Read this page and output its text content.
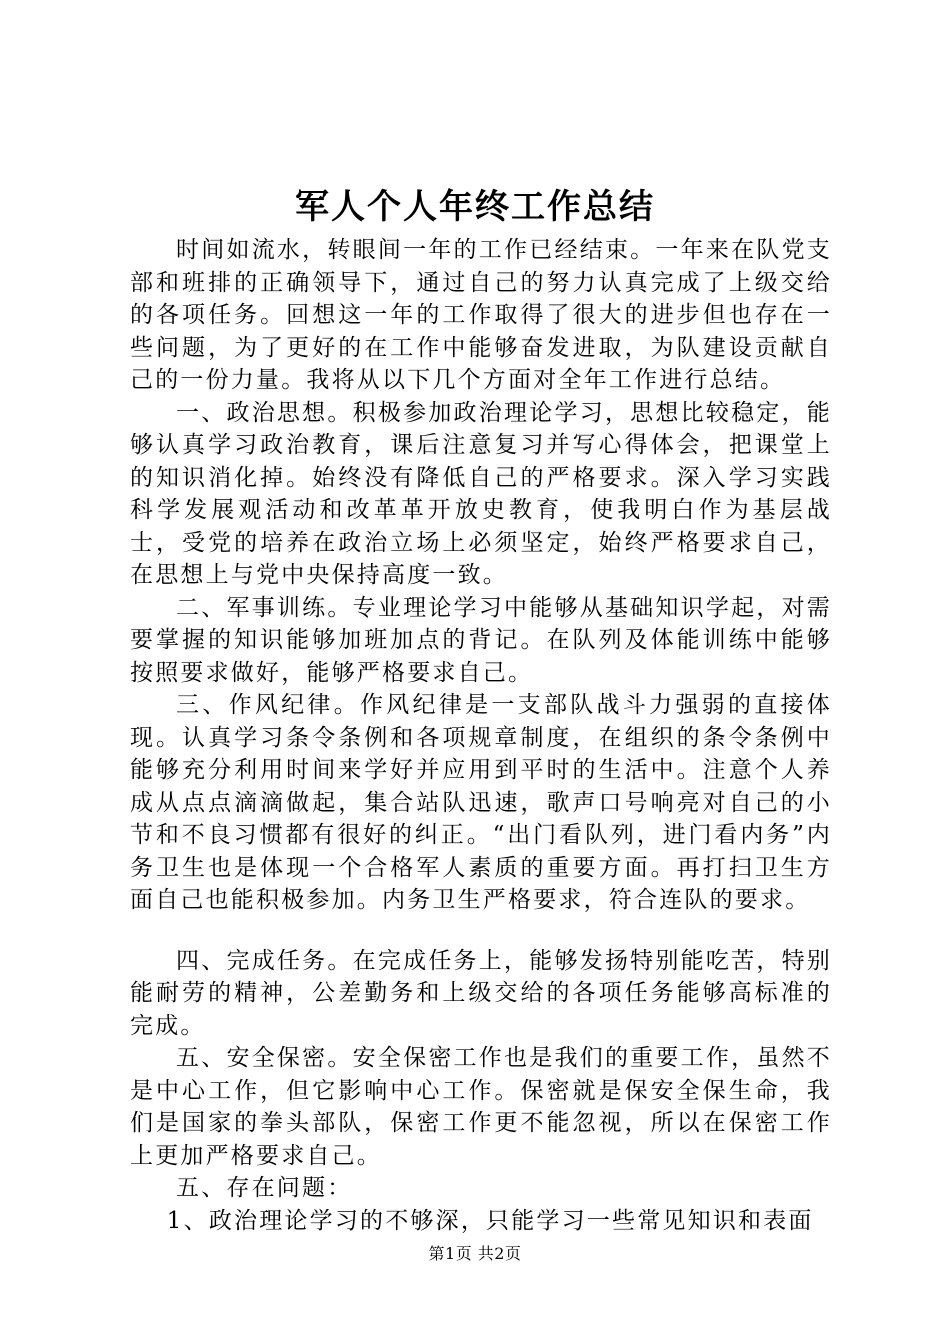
军人个人年终工作总结

时间如流水，转眼间一年的工作已经结束。一年来在队党支部和班排的正确领导下，通过自己的努力认真完成了上级交给的各项任务。回想这一年的工作取得了很大的进步但也存在一些问题，为了更好的在工作中能够奋发进取，为队建设贡献自己的一份力量。我将从以下几个方面对全年工作进行总结。

一、政治思想。积极参加政治理论学习，思想比较稳定，能够认真学习政治教育，课后注意复习并写心得体会，把课堂上的知识消化掉。始终没有降低自己的严格要求。深入学习实践科学发展观活动和改革革开放史教育，使我明白作为基层战士，受党的培养在政治立场上必须坚定，始终严格要求自己，在思想上与党中央保持高度一致。

二、军事训练。专业理论学习中能够从基础知识学起，对需要掌握的知识能够加班加点的背记。在队列及体能训练中能够按照要求做好，能够严格要求自己。

三、作风纪律。作风纪律是一支部队战斗力强弱的直接体现。认真学习条令条例和各项规章制度，在组织的条令条例中能够充分利用时间来学好并应用到平时的生活中。注意个人养成从点点滴滴做起，集合站队迅速，歌声口号响亮对自己的小节和不良习惯都有很好的纠正。“出门看队列，进门看内务”内务卫生也是体现一个合格军人素质的重要方面。再打扫卫生方面自己也能积极参加。内务卫生严格要求，符合连队的要求。

四、完成任务。在完成任务上，能够发扬特别能吃苦，特别能耐劳的精神，公差勤务和上级交给的各项任务能够高标准的完成。

五、安全保密。安全保密工作也是我们的重要工作，虽然不是中心工作，但它影响中心工作。保密就是保安全保生命，我们是国家的拳头部队，保密工作更不能忽视，所以在保密工作上更加严格要求自己。

五、存在问题：

1、政治理论学习的不够深，只能学习一些常见知识和表面

第1页 共2页
